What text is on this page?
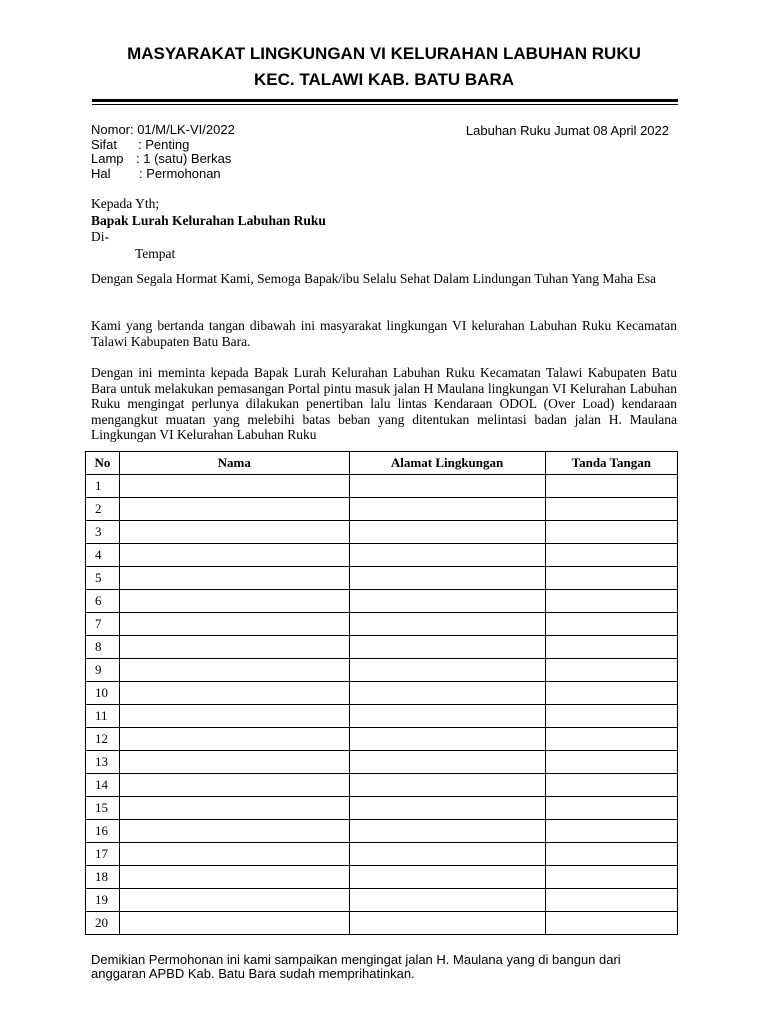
MASYARAKAT LINGKUNGAN VI KELURAHAN LABUHAN RUKU
KEC. TALAWI KAB. BATU BARA
Nomor : 01/M/LK-VI/2022
Sifat	: Penting
Lamp : 1 (satu) Berkas
Hal	: Permohonan
Labuhan Ruku Jumat 08 April 2022
Kepada Yth;
Bapak Lurah Kelurahan Labuhan Ruku
Di-
Tempat
Dengan Segala Hormat Kami, Semoga Bapak/ibu Selalu Sehat Dalam Lindungan Tuhan Yang Maha Esa
Kami yang bertanda tangan dibawah ini masyarakat lingkungan VI kelurahan Labuhan Ruku Kecamatan Talawi Kabupaten Batu Bara.
Dengan ini meminta kepada Bapak Lurah Kelurahan Labuhan Ruku Kecamatan Talawi Kabupaten Batu Bara untuk melakukan pemasangan Portal pintu masuk jalan H Maulana lingkungan VI Kelurahan Labuhan Ruku mengingat perlunya dilakukan penertiban lalu lintas Kendaraan ODOL (Over Load) kendaraan mengangkut muatan yang melebihi batas beban yang ditentukan melintasi badan jalan H. Maulana Lingkungan VI Kelurahan Labuhan Ruku
No	Nama	Alamat Lingkungan	Tanda Tangan
1			
2			
3			
4			
5			
6			
7			
8			
9			
10			
11			
12			
13			
14			
15			
16			
17			
18			
19			
20			
Demikian Permohonan ini kami sampaikan mengingat jalan H. Maulana yang di bangun dari anggaran APBD Kab. Batu Bara sudah memprihatinkan.
